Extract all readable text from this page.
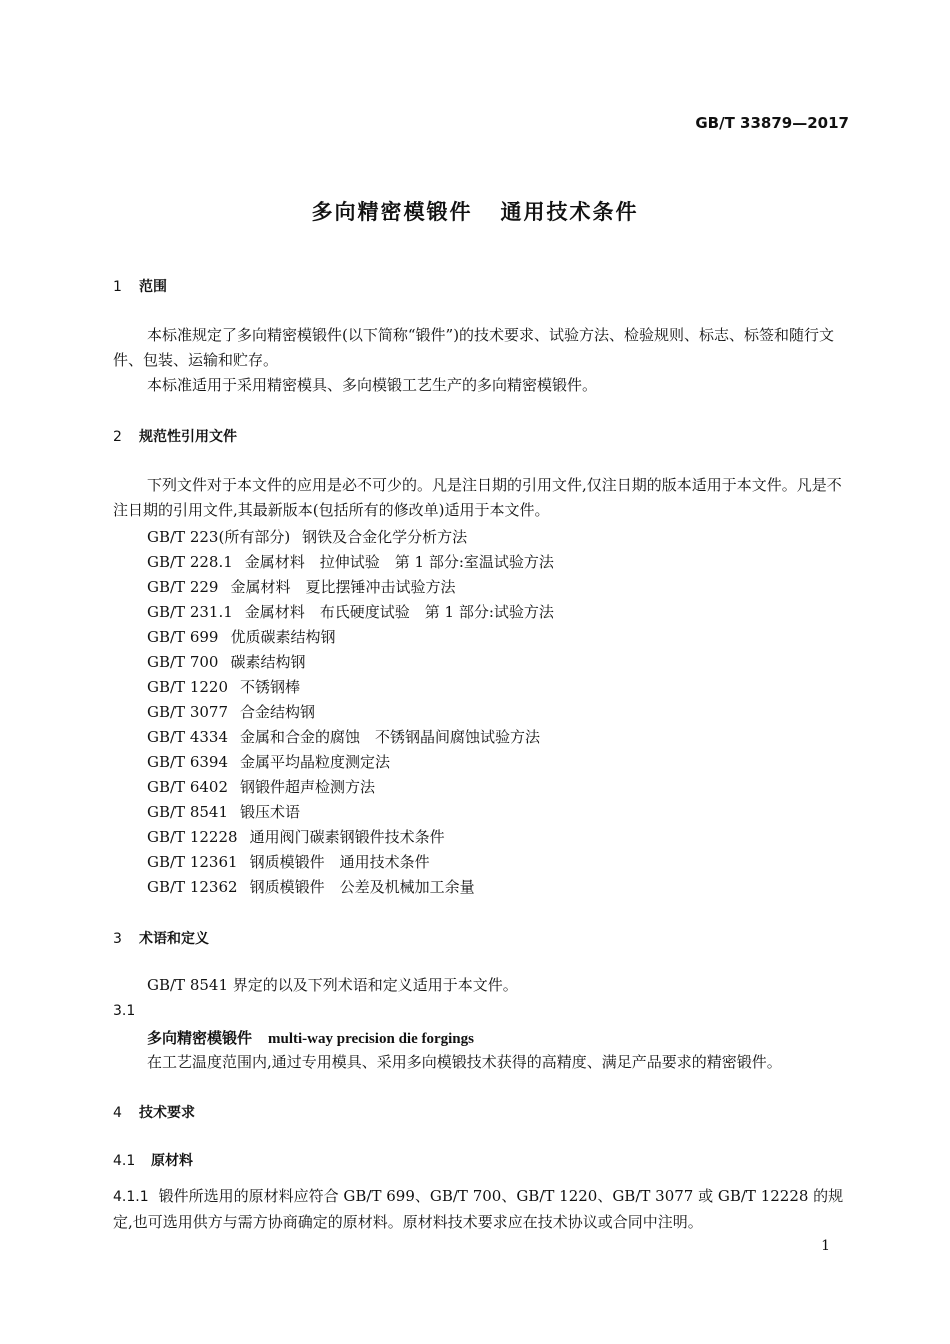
GB/T 33879—2017
多向精密模锻件 通用技术条件
1 范围
本标准规定了多向精密模锻件(以下简称“锻件”)的技术要求、试验方法、检验规则、标志、标签和随行文件、包装、运输和贮存。
本标准适用于采用精密模具、多向模锻工艺生产的多向精密模锻件。
2 规范性引用文件
下列文件对于本文件的应用是必不可少的。凡是注日期的引用文件,仅注日期的版本适用于本文件。凡是不注日期的引用文件,其最新版本(包括所有的修改单)适用于本文件。
GB/T 223(所有部分) 钢铁及合金化学分析方法
GB/T 228.1 金属材料　拉伸试验　第 1 部分:室温试验方法
GB/T 229 金属材料　夏比摆锤冲击试验方法
GB/T 231.1 金属材料　布氏硬度试验　第 1 部分:试验方法
GB/T 699 优质碳素结构钢
GB/T 700 碳素结构钢
GB/T 1220 不锈钢棒
GB/T 3077 合金结构钢
GB/T 4334 金属和合金的腐蚀　不锈钢晶间腐蚀试验方法
GB/T 6394 金属平均晶粒度测定法
GB/T 6402 钢锻件超声检测方法
GB/T 8541 锻压术语
GB/T 12228 通用阀门碳素钢锻件技术条件
GB/T 12361 钢质模锻件　通用技术条件
GB/T 12362 钢质模锻件　公差及机械加工余量
3 术语和定义
GB/T 8541 界定的以及下列术语和定义适用于本文件。
3.1
多向精密模锻件 multi-way precision die forgings
在工艺温度范围内,通过专用模具、采用多向模锻技术获得的高精度、满足产品要求的精密锻件。
4 技术要求
4.1 原材料
4.1.1 锻件所选用的原材料应符合 GB/T 699、GB/T 700、GB/T 1220、GB/T 3077 或 GB/T 12228 的规定,也可选用供方与需方协商确定的原材料。原材料技术要求应在技术协议或合同中注明。
1
